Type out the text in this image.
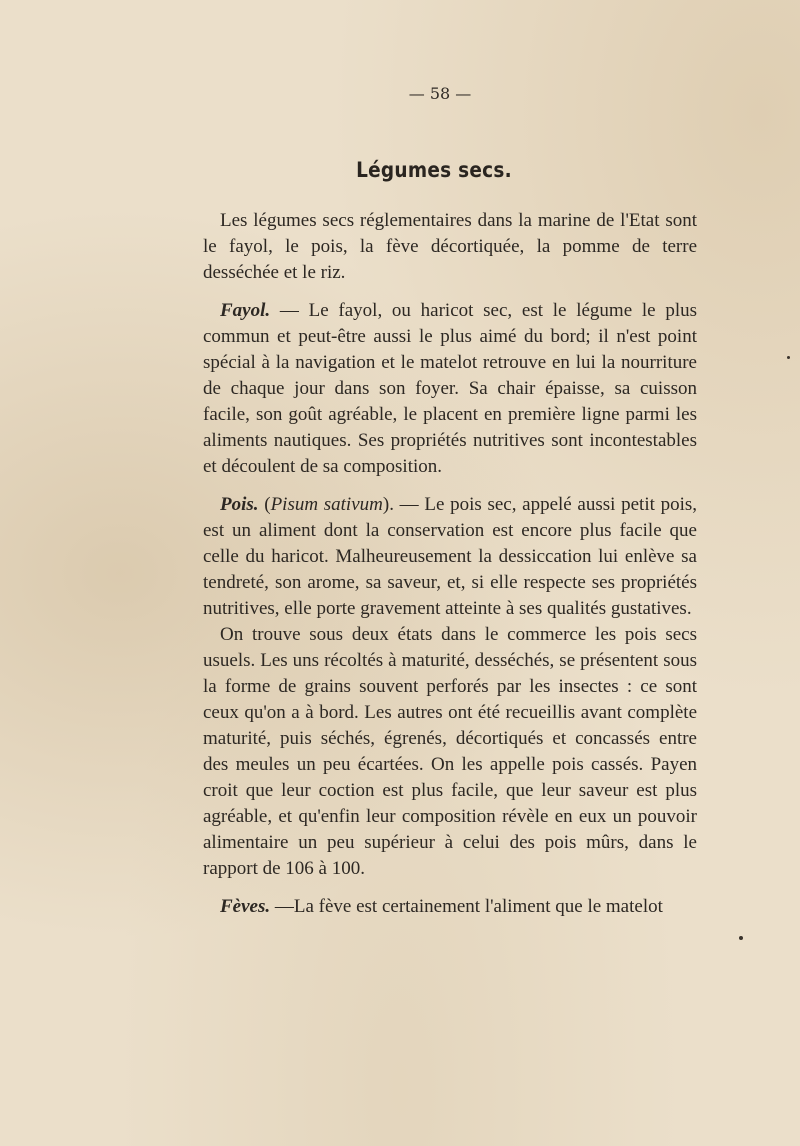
— 58 —
Légumes secs.

Les légumes secs réglementaires dans la marine de l'Etat sont le fayol, le pois, la fève décortiquée, la pomme de terre desséchée et le riz.

Fayol. — Le fayol, ou haricot sec, est le légume le plus commun et peut-être aussi le plus aimé du bord; il n'est point spécial à la navigation et le matelot retrouve en lui la nourriture de chaque jour dans son foyer. Sa chair épaisse, sa cuisson facile, son goût agréable, le placent en première ligne parmi les aliments nautiques. Ses propriétés nutritives sont incontestables et découlent de sa composition.

Pois. (Pisum sativum). — Le pois sec, appelé aussi petit pois, est un aliment dont la conservation est encore plus facile que celle du haricot. Malheureusement la dessiccation lui enlève sa tendreté, son arome, sa saveur, et, si elle respecte ses propriétés nutritives, elle porte gravement atteinte à ses qualités gustatives.

On trouve sous deux états dans le commerce les pois secs usuels. Les uns récoltés à maturité, desséchés, se présentent sous la forme de grains souvent perforés par les insectes : ce sont ceux qu'on a à bord. Les autres ont été recueillis avant complète maturité, puis séchés, égrenés, décortiqués et concassés entre des meules un peu écartées. On les appelle pois cassés. Payen croit que leur coction est plus facile, que leur saveur est plus agréable, et qu'enfin leur composition révèle en eux un pouvoir alimentaire un peu supérieur à celui des pois mûrs, dans le rapport de 106 à 100.

Fèves. —La fève est certainement l'aliment que le matelot
